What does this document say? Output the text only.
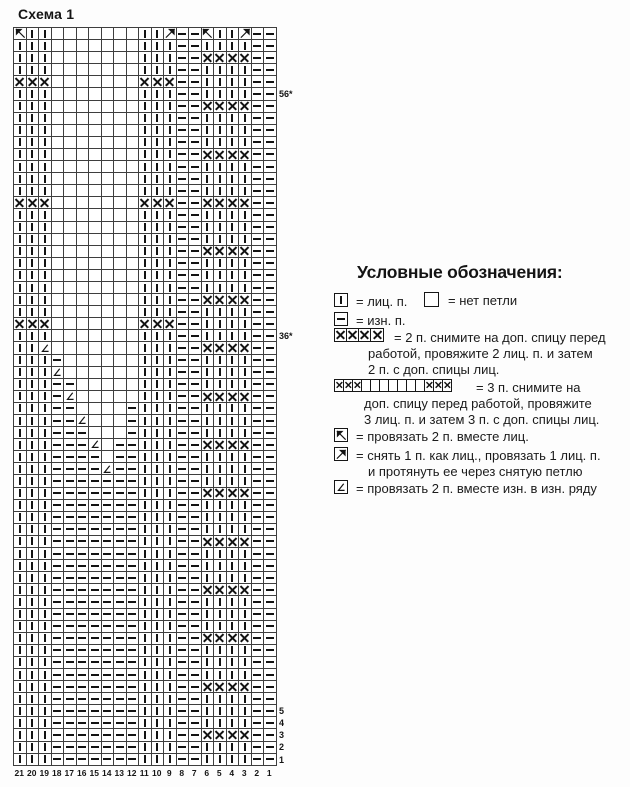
Схема 1
56*
36*
5
4
3
2
1
21 20 19 18 17 16 15 14 13 12 11 10 9 8 7 6 5 4 3 2 1
Условные обозначения:
= лиц. п.	= нет петли
= изн. п.
= 2 п. снимите на доп. спицу перед
работой, провяжите 2 лиц. п. и затем
2 п. с доп. спицы лиц.
= 3 п. снимите на
доп. спицу перед работой, провяжите
3 лиц. п. и затем 3 п. с доп. спицы лиц.
= провязать 2 п. вместе лиц.
= снять 1 п. как лиц., провязать 1 лиц. п.
и протянуть ее через снятую петлю
= провязать 2 п. вместе изн. в изн. ряду
